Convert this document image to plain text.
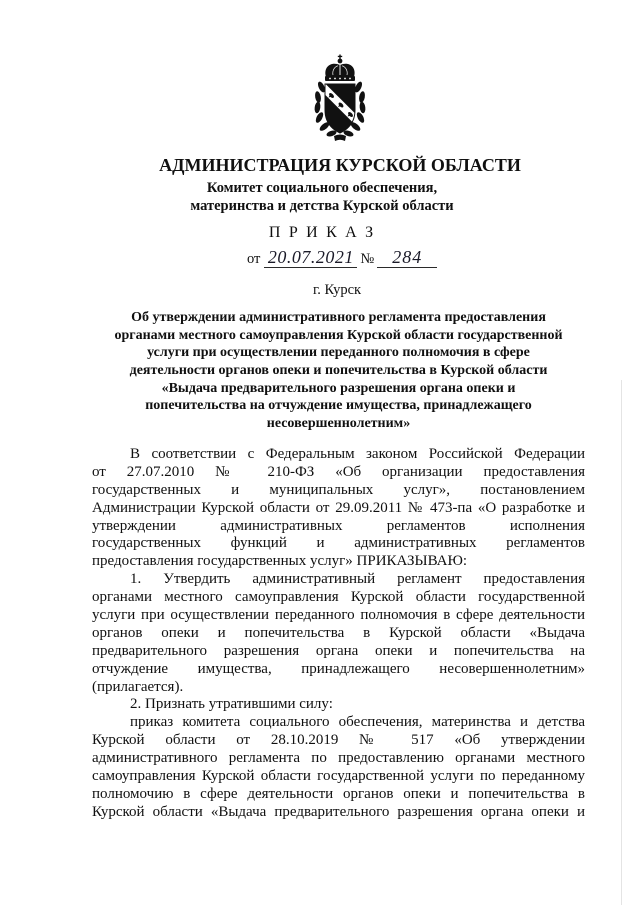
АДМИНИСТРАЦИЯ КУРСКОЙ ОБЛАСТИ
Комитет социального обеспечения,
материнства и детства Курской области
П Р И К А З
от 20.07.2021 №	284
г. Курск
Об утверждении административного регламента предоставления
органами местного самоуправления Курской области государственной
услуги при осуществлении переданного полномочия в сфере
деятельности органов опеки и попечительства в Курской области
«Выдача предварительного разрешения органа опеки и
попечительства на отчуждение имущества, принадлежащего
несовершеннолетним»
В соответствии с Федеральным законом Российской Федерации
от 27.07.2010 № 210-ФЗ «Об организации предоставления
государственных и муниципальных услуг», постановлением
Администрации Курской области от 29.09.2011 № 473-па «О разработке и
утверждении административных регламентов исполнения
государственных функций и административных регламентов
предоставления государственных услуг» ПРИКАЗЫВАЮ:
1. Утвердить административный регламент предоставления
органами местного самоуправления Курской области государственной
услуги при осуществлении переданного полномочия в сфере деятельности
органов опеки и попечительства в Курской области «Выдача
предварительного разрешения органа опеки и попечительства на
отчуждение имущества, принадлежащего несовершеннолетним»
(прилагается).
2. Признать утратившими силу:
приказ комитета социального обеспечения, материнства и детства
Курской области от 28.10.2019 № 517 «Об утверждении
административного регламента по предоставлению органами местного
самоуправления Курской области государственной услуги по переданному
полномочию в сфере деятельности органов опеки и попечительства в
Курской области «Выдача предварительного разрешения органа опеки и
